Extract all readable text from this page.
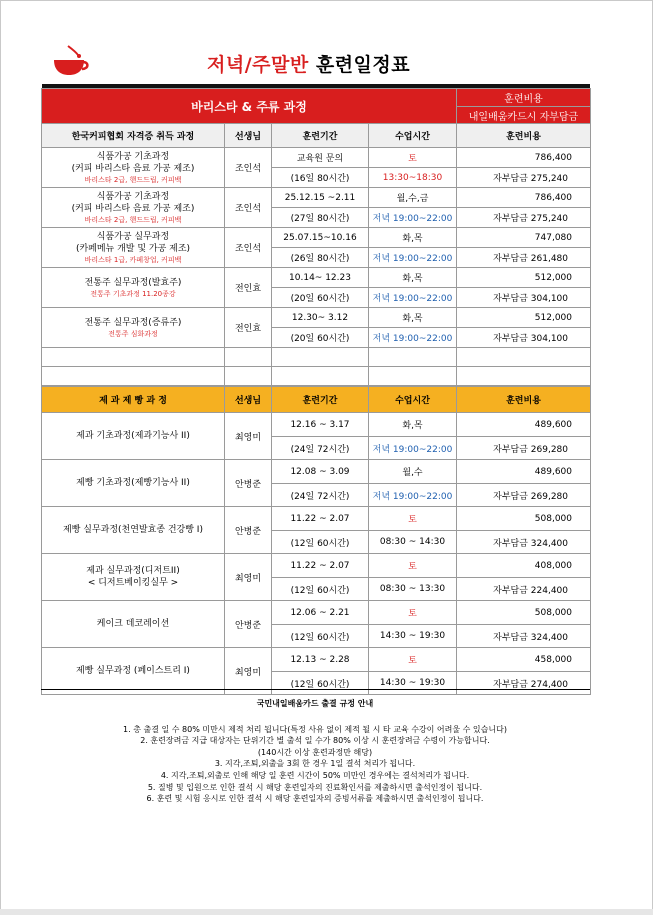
저녁/주말반 훈련일정표
바리스타 & 주류 과정				훈련비용
				내일배움카드시 자부담금
한국커피협회 자격증 취득 과정	선생님	훈련기간	수업시간	훈련비용

식품가공 기초과정
(커피 바리스타 음료 가공 제조)
바리스타 2급, 핸드드립, 커피백	조인석	교육원 문의	토	786,400
		(16일 80시간)	13:30~18:30	자부담금 275,240

식품가공 기초과정
(커피 바리스타 음료 가공 제조)
바리스타 2급, 핸드드립, 커피백	조인석	25.12.15 ~2.11	월,수,금	786,400
		(27일 80시간)	저녁 19:00~22:00	자부담금 275,240

식품가공 실무과정
(카페메뉴 개발 및 가공 제조)
바리스타 1급, 카페창업, 커피백	조인석	25.07.15~10.16	화,목	747,080
		(26일 80시간)	저녁 19:00~22:00	자부담금 261,480

전통주 실무과정(발효주)
전통주 기초과정 11.20종강	전인효	10.14~ 12.23	화,목	512,000
		(20일 60시간)	저녁 19:00~22:00	자부담금 304,100

전통주 실무과정(증류주)
전통주 심화과정	전인효	12.30~ 3.12	화,목	512,000
		(20일 60시간)	저녁 19:00~22:00	자부담금 304,100

제 과 제 빵 과 정	선생님	훈련기간	수업시간	훈련비용

제과 기초과정(제과기능사 II)	최영미	12.16 ~ 3.17	화,목	489,600
		(24일 72시간)	저녁 19:00~22:00	자부담금 269,280

제빵 기초과정(제빵기능사 II)	안병준	12.08 ~ 3.09	월,수	489,600
		(24일 72시간)	저녁 19:00~22:00	자부담금 269,280

제빵 실무과정(천연발효종 건강빵 I)	안병준	11.22 ~ 2.07	토	508,000
		(12일 60시간)	08:30 ~ 14:30	자부담금 324,400

제과 실무과정(디저트II)
< 디저트베이킹실무 >	최영미	11.22 ~ 2.07	토	408,000
		(12일 60시간)	08:30 ~ 13:30	자부담금 224,400

케이크 데코레이션	안병준	12.06 ~ 2.21	토	508,000
		(12일 60시간)	14:30 ~ 19:30	자부담금 324,400

제빵 실무과정 (페이스트리 I)	최영미	12.13 ~ 2.28	토	458,000
		(12일 60시간)	14:30 ~ 19:30	자부담금 274,400
국민내일배움카드 출결 규정 안내
1. 총 출결 일 수 80% 미만시 제적 처리 됩니다(특정 사유 없이 제적 될 시 타 교육 수강이 어려울 수 있습니다)
2. 훈련장려금 지급 대상자는 단위기간 별 출석 일 수가 80% 이상 시 훈련장려금 수령이 가능합니다.
(140시간 이상 훈련과정만 해당)
3. 지각,조퇴,외출을 3회 한 경우 1일 결석 처리가 됩니다.
4. 지각,조퇴,외출로 인해 해당 일 훈련 시간이 50% 미만인 경우에는 결석처리가 됩니다.
5. 질병 및 입원으로 인한 결석 시 해당 훈련일자의 진료확인서를 제출하시면 출석인정이 됩니다.
6. 훈련 및 시험 응시로 인한 결석 시 해당 훈련일자의 증빙서류를 제출하시면 출석인정이 됩니다.
